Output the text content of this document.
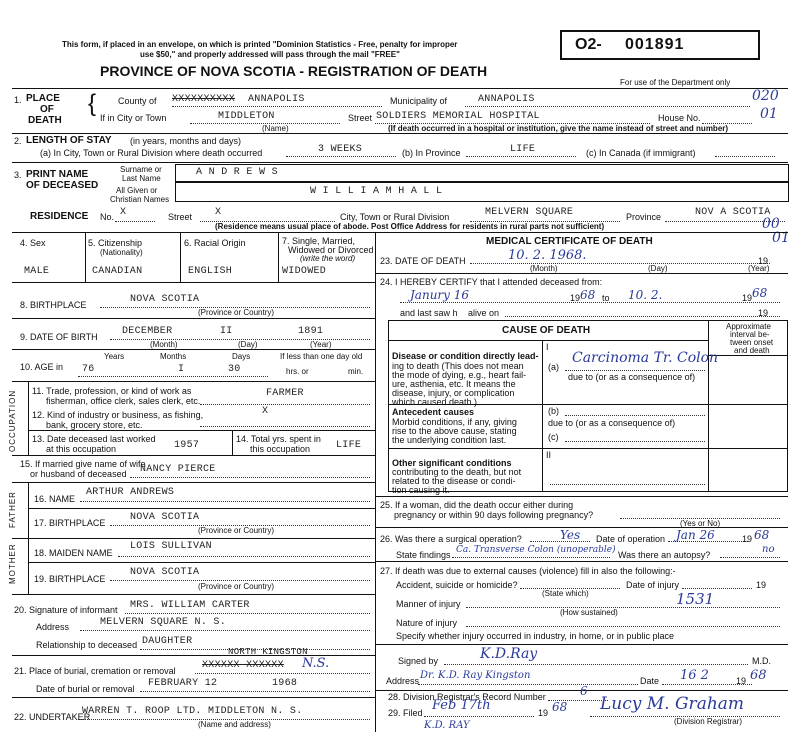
This form, if placed in an envelope, on which is printed "Dominion Statistics - Free, penalty for improper
use $50," and properly addressed will pass through the mail "FREE"
PROVINCE OF NOVA SCOTIA - REGISTRATION OF DEATH
O2- 001891
For use of the Department only
1. PLACE
OF
DEATH
{ County of XXXXXXXXXX ANNAPOLIS	Municipality of	ANNAPOLIS	020
If in City or Town	MIDDLETON
(Name)
Street SOLDIERS MEMORIAL HOSPITAL	House No.	01
(If death occurred in a hospital or institution, give the name instead of street and number)
2. LENGTH OF STAY (in years, months and days)
(a) In City, Town or Rural Division where death occurred	3 WEEKS	(b) In Province	LIFE	(c) In Canada (if immigrant)
3. PRINT NAME
OF DECEASED
Surname or
Last Name
All Given or
Christian Names
A N D R E W S
W I L L I A M H A L L
RESIDENCE No. X	Street X	City, Town or Rural Division	MELVERN SQUARE	Province	NOV A SCOTIA
(Residence means usual place of abode. Post Office Address for residents in rural parts not sufficient)	00
01
4. Sex	5. Citizenship
(Nationality)
6. Racial Origin	7. Single, Married,
Widowed or Divorced
(write the word)
MALE	CANADIAN	ENGLISH	WIDOWED
8. BIRTHPLACE	NOVA SCOTIA
(Province or Country)
9. DATE OF BIRTH DECEMBER	II	1891
(Month)	(Day)	(Year)
10. AGE in
Years	Months	Days
76	I	30
If less than one day old
hrs. or	min.
OCCUPATION 11. Trade, profession, or kind of work as
fisherman, office clerk, sales clerk, etc.
FARMER
12. Kind of industry or business, as fishing,
bank, grocery store, etc.
X
13. Date deceased last worked
at this occupation	1957
14. Total yrs. spent in
this occupation	LIFE
15. If married give name of wife
or husband of deceased NANCY PIERCE
FATHER 16. NAME
ARTHUR ANDREWS
17. BIRTHPLACE NOVA SCOTIA
(Province or Country)
MOTHER 18. MAIDEN NAME
LOIS SULLIVAN
19. BIRTHPLACE
NOVA SCOTIA
(Province or Country)
20. Signature of informant MRS. WILLIAM CARTER
Address	MELVERN SQUARE N. S.
Relationship to deceased DAUGHTER
NORTH KINGSTON
21. Place of burial, cremation or removal	XXXXXX XXXXXX N.S.
Date of burial or removal FEBRUARY 12	1968
22. UNDERTAKER
WARREN T. ROOP LTD. MIDDLETON N. S.
(Name and address)
MEDICAL CERTIFICATE OF DEATH
23. DATE OF DEATH	10. 2. 1968.	19
(Month)	(Day)	(Year)
24. I HEREBY CERTIFY that I attended deceased from:
Janury 16	19 68 to 10. 2.	19 68
and last saw h alive on	19
CAUSE OF DEATH	Approximate
interval be-
tween onset
and death
I
Disease or condition directly lead-
ing to death (This does not mean
the mode of dying, e.g., heart fail-
ure, asthenia, etc. It means the
disease, injury, or complication
which caused death.)
(a)
Carcinoma Tr. Colon
due to (or as a consequence of)
Antecedent causes
Morbid conditions, if any, giving
rise to the above cause, stating
the underlying condition last.
(b)
due to (or as a consequence of)
(c)
II
Other significant conditions
contributing to the death, but not
related to the disease or condi-
tion causing it.
25. If a woman, did the death occur either during
pregnancy or within 90 days following pregnancy?
(Yes or No)
26. Was there a surgical operation?	Yes Date of operation Jan 26	19 68
State findings Ca. Transverse Colon (unoperable) Was there an autopsy?	no
27. If death was due to external causes (violence) fill in also the following:-
Accident, suicide or homicide?
(State which)
Date of injury	19
Manner of injury	1531
(How sustained)
Nature of injury
Specify whether injury occurred in industry, in home, or in public place
Signed by	K.D.Ray	M.D.
Address Dr. K.D. Ray Kingston	Date 16 2	19 68
28. Division Registrar's Record Number	6
29. Filed Feb 17th	19 68 Lucy M. Graham
(Division Registrar)
K.D. RAY
